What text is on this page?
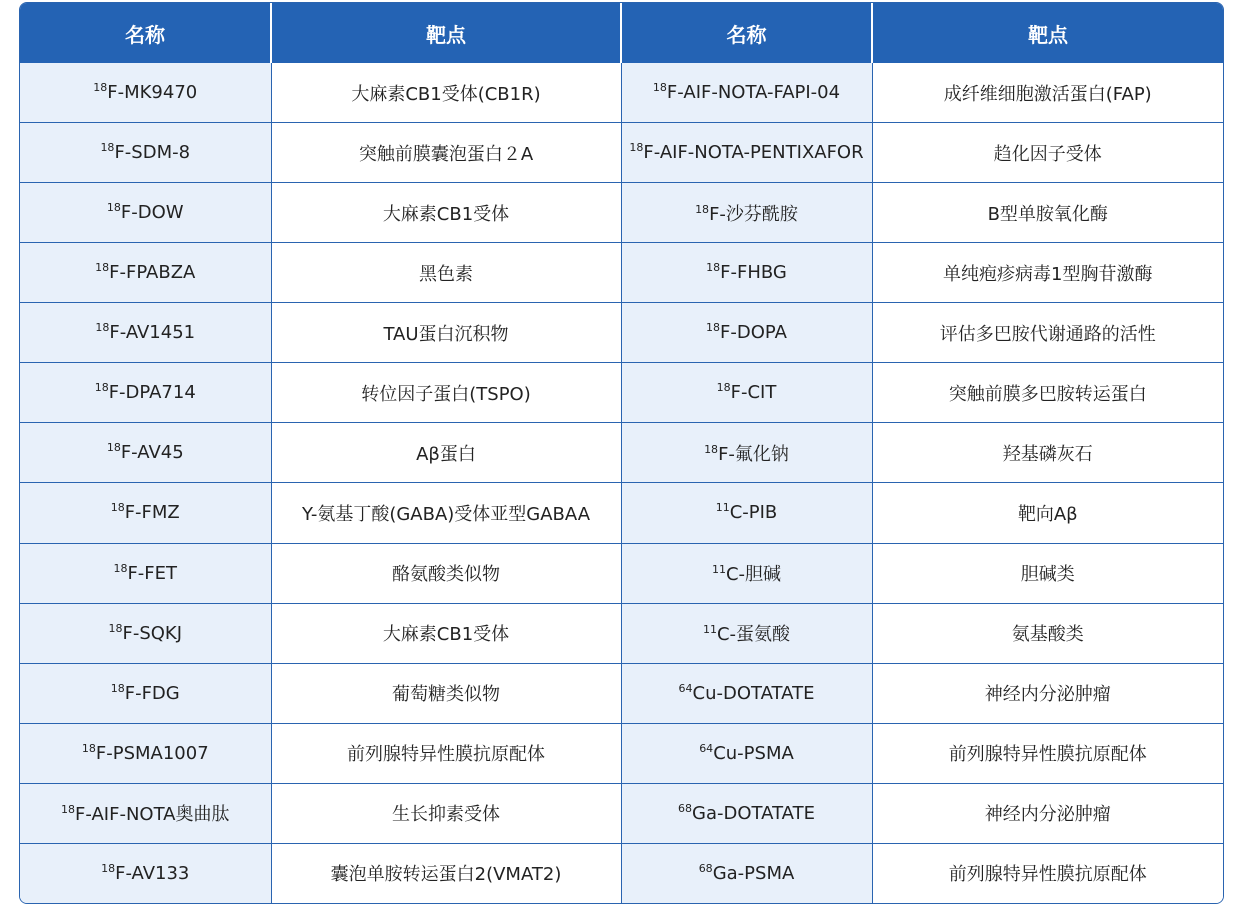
名称	靶点	名称	靶点
$^{18}$F-MK9470	大麻素CB1受体(CB1R)	$^{18}$F-AIF-NOTA-FAPI-04	成纤维细胞激活蛋白(FAP)
$^{18}$F-SDM-8	突触前膜囊泡蛋白２A	$^{18}$F-AIF-NOTA-PENTIXAFOR	趋化因子受体
$^{18}$F-DOW	大麻素CB1受体	$^{18}$F-沙芬酰胺	B型单胺氧化酶
$^{18}$F-FPABZA	黑色素	$^{18}$F-FHBG	单纯疱疹病毒1型胸苷激酶
$^{18}$F-AV1451	TAU蛋白沉积物	$^{18}$F-DOPA	评估多巴胺代谢通路的活性
$^{18}$F-DPA714	转位因子蛋白(TSPO)	$^{18}$F-CIT	突触前膜多巴胺转运蛋白
$^{18}$F-AV45	Aβ蛋白	$^{18}$F-氟化钠	羟基磷灰石
$^{18}$F-FMZ	Y-氨基丁酸(GABA)受体亚型GABAA	$^{11}$C-PIB	靶向Aβ
$^{18}$F-FET	酪氨酸类似物	$^{11}$C-胆碱	胆碱类
$^{18}$F-SQKJ	大麻素CB1受体	$^{11}$C-蛋氨酸	氨基酸类
$^{18}$F-FDG	葡萄糖类似物	$^{64}$Cu-DOTATATE	神经内分泌肿瘤
$^{18}$F-PSMA1007	前列腺特异性膜抗原配体	$^{64}$Cu-PSMA	前列腺特异性膜抗原配体
$^{18}$F-AIF-NOTA奥曲肽	生长抑素受体	$^{68}$Ga-DOTATATE	神经内分泌肿瘤
$^{18}$F-AV133	囊泡单胺转运蛋白2(VMAT2)	$^{68}$Ga-PSMA	前列腺特异性膜抗原配体
